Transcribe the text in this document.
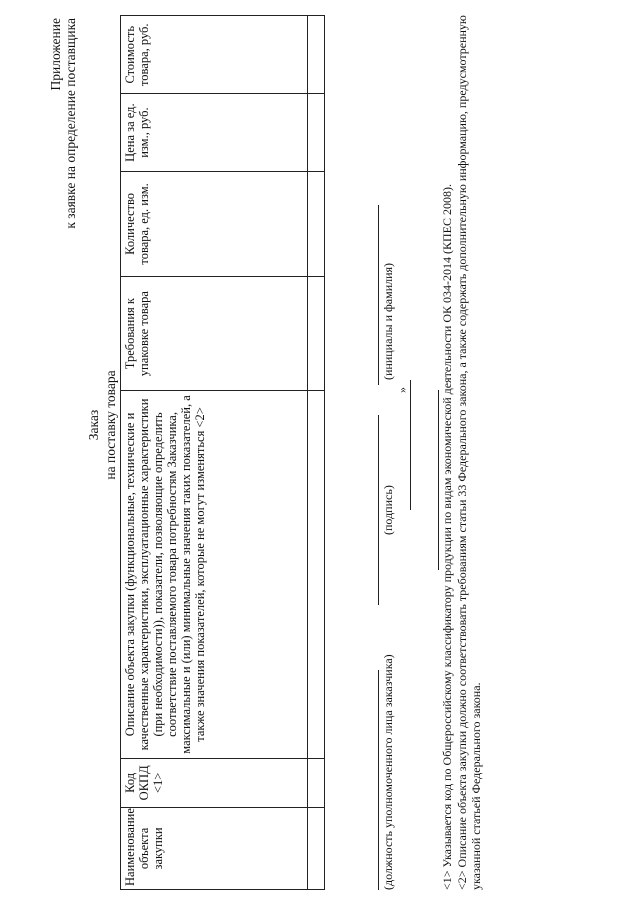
Приложение к заявке на определение поставщика
Заказ на поставку товара
Наименование объекта закупки	Код ОКПД <1>	Описание объекта закупки (функциональные, технические и качественные характеристики, эксплуатационные характеристики (при необходимости)), показатели, позволяющие определить соответствие поставляемого товара потребностям Заказчика, максимальные и (или) минимальные значения таких показателей, а также значения показателей, которые не могут изменяться <2>	Требования к упаковке товара	Количество товара, ед. изм.	Цена за ед. изм., руб.	Стоимость товара, руб.

(должность уполномоченного лица заказчика)
(подпись)
(инициалы и фамилия)
»	<1> Указывается код по Общероссийскому классификатору продукции по видам экономической деятельности ОК 034-2014 (КПЕС 2008). <2> Описание объекта закупки должно соответствовать требованиям статьи 33 Федерального закона, а также содержать дополнительную информацию, предусмотренную указанной статьей Федерального закона.
